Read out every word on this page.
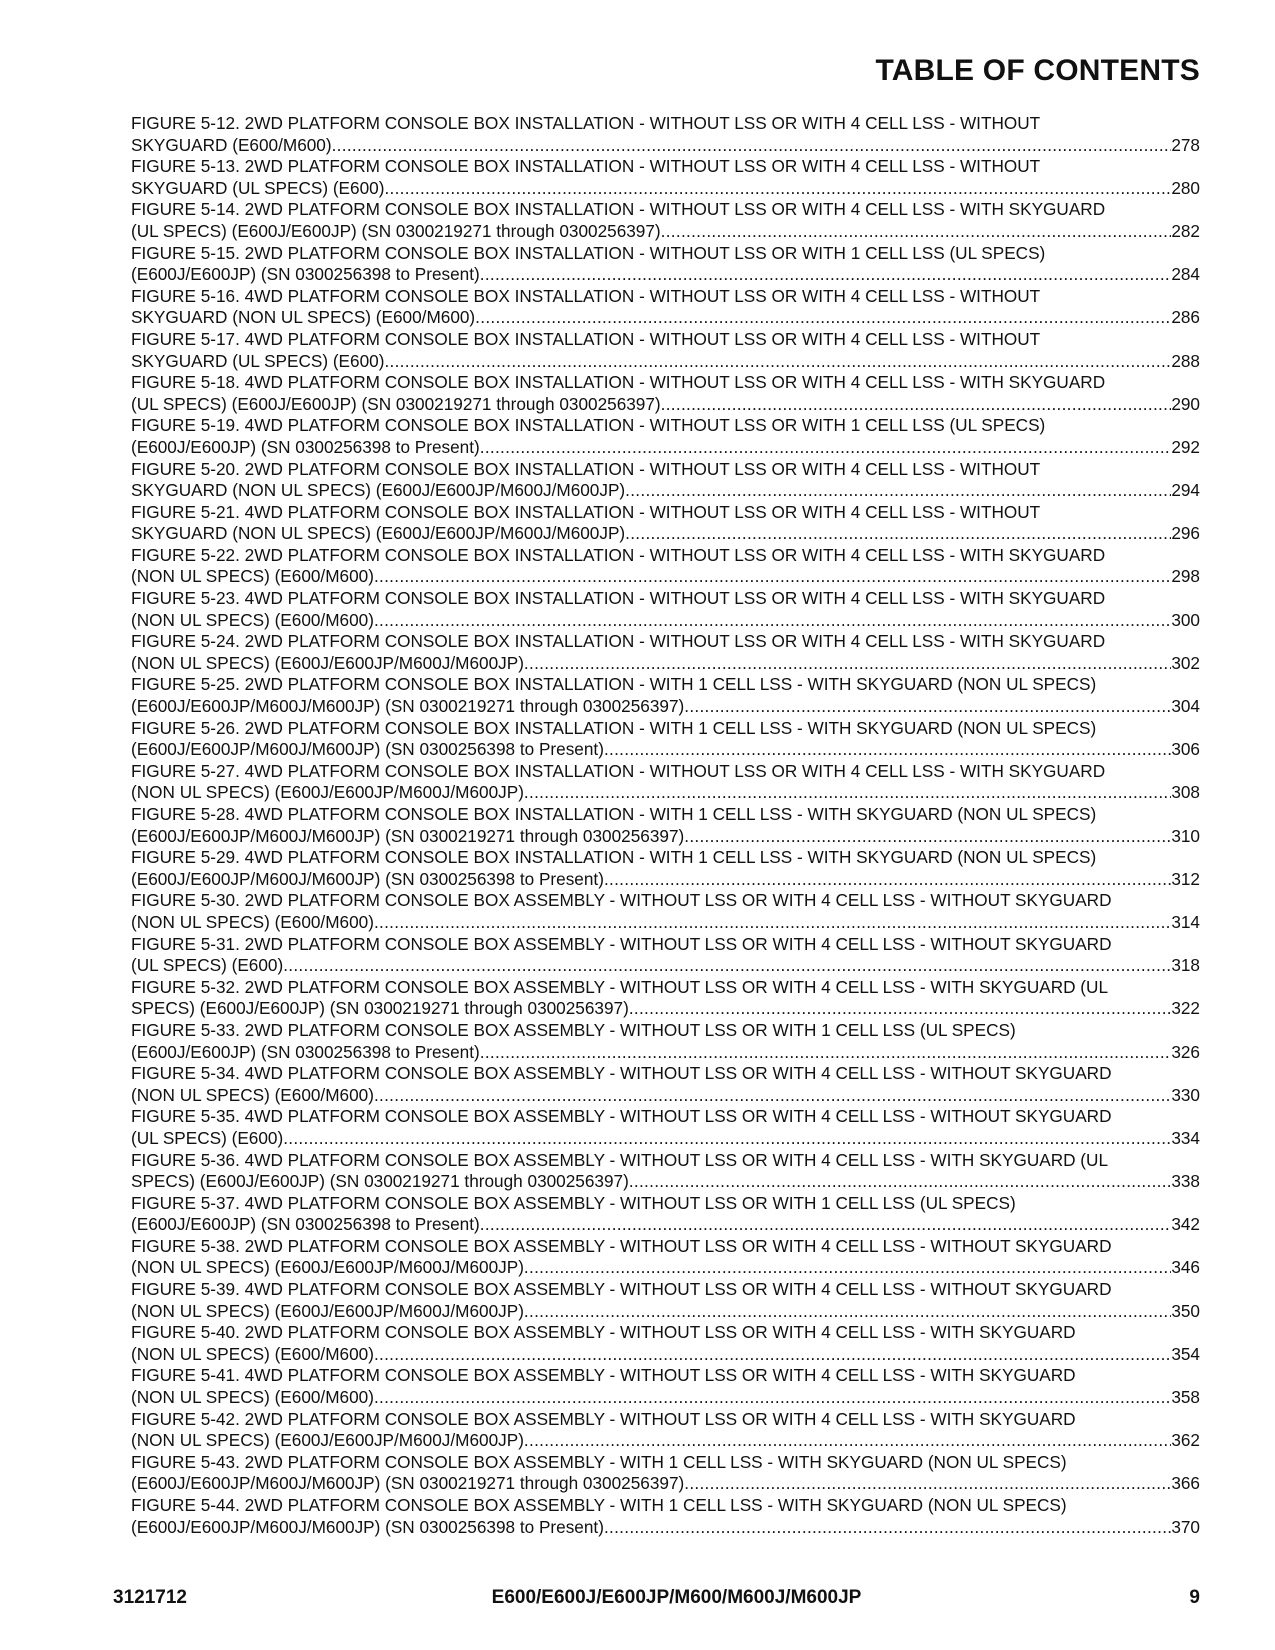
TABLE OF CONTENTS
FIGURE 5-12. 2WD PLATFORM CONSOLE BOX INSTALLATION - WITHOUT LSS OR WITH 4 CELL LSS - WITHOUT
SKYGUARD (E600/M600) .....	278
FIGURE 5-13. 2WD PLATFORM CONSOLE BOX INSTALLATION - WITHOUT LSS OR WITH 4 CELL LSS - WITHOUT
SKYGUARD (UL SPECS) (E600) .....	280
FIGURE 5-14. 2WD PLATFORM CONSOLE BOX INSTALLATION - WITHOUT LSS OR WITH 4 CELL LSS - WITH SKYGUARD
(UL SPECS) (E600J/E600JP) (SN 0300219271 through 0300256397) .....	282
FIGURE 5-15. 2WD PLATFORM CONSOLE BOX INSTALLATION - WITHOUT LSS OR WITH 1 CELL LSS (UL SPECS)
(E600J/E600JP) (SN 0300256398 to Present) .....	284
FIGURE 5-16. 4WD PLATFORM CONSOLE BOX INSTALLATION - WITHOUT LSS OR WITH 4 CELL LSS - WITHOUT
SKYGUARD (NON UL SPECS) (E600/M600) .....	286
FIGURE 5-17. 4WD PLATFORM CONSOLE BOX INSTALLATION - WITHOUT LSS OR WITH 4 CELL LSS - WITHOUT
SKYGUARD (UL SPECS) (E600) .....	288
FIGURE 5-18. 4WD PLATFORM CONSOLE BOX INSTALLATION - WITHOUT LSS OR WITH 4 CELL LSS - WITH SKYGUARD
(UL SPECS) (E600J/E600JP) (SN 0300219271 through 0300256397) .....	290
FIGURE 5-19. 4WD PLATFORM CONSOLE BOX INSTALLATION - WITHOUT LSS OR WITH 1 CELL LSS (UL SPECS)
(E600J/E600JP) (SN 0300256398 to Present) .....	292
FIGURE 5-20. 2WD PLATFORM CONSOLE BOX INSTALLATION - WITHOUT LSS OR WITH 4 CELL LSS - WITHOUT
SKYGUARD (NON UL SPECS) (E600J/E600JP/M600J/M600JP) .....	294
FIGURE 5-21. 4WD PLATFORM CONSOLE BOX INSTALLATION - WITHOUT LSS OR WITH 4 CELL LSS - WITHOUT
SKYGUARD (NON UL SPECS) (E600J/E600JP/M600J/M600JP) .....	296
FIGURE 5-22. 2WD PLATFORM CONSOLE BOX INSTALLATION - WITHOUT LSS OR WITH 4 CELL LSS - WITH SKYGUARD
(NON UL SPECS) (E600/M600) .....	298
FIGURE 5-23. 4WD PLATFORM CONSOLE BOX INSTALLATION - WITHOUT LSS OR WITH 4 CELL LSS - WITH SKYGUARD
(NON UL SPECS) (E600/M600) .....	300
FIGURE 5-24. 2WD PLATFORM CONSOLE BOX INSTALLATION - WITHOUT LSS OR WITH 4 CELL LSS - WITH SKYGUARD
(NON UL SPECS) (E600J/E600JP/M600J/M600JP) .....	302
FIGURE 5-25. 2WD PLATFORM CONSOLE BOX INSTALLATION - WITH 1 CELL LSS - WITH SKYGUARD (NON UL SPECS)
(E600J/E600JP/M600J/M600JP) (SN 0300219271 through 0300256397) .....	304
FIGURE 5-26. 2WD PLATFORM CONSOLE BOX INSTALLATION - WITH 1 CELL LSS - WITH SKYGUARD (NON UL SPECS)
(E600J/E600JP/M600J/M600JP) (SN 0300256398 to Present) .....	306
FIGURE 5-27. 4WD PLATFORM CONSOLE BOX INSTALLATION - WITHOUT LSS OR WITH 4 CELL LSS - WITH SKYGUARD
(NON UL SPECS) (E600J/E600JP/M600J/M600JP) .....	308
FIGURE 5-28. 4WD PLATFORM CONSOLE BOX INSTALLATION - WITH 1 CELL LSS - WITH SKYGUARD (NON UL SPECS)
(E600J/E600JP/M600J/M600JP) (SN 0300219271 through 0300256397) .....	310
FIGURE 5-29. 4WD PLATFORM CONSOLE BOX INSTALLATION - WITH 1 CELL LSS - WITH SKYGUARD (NON UL SPECS)
(E600J/E600JP/M600J/M600JP) (SN 0300256398 to Present) .....	312
FIGURE 5-30. 2WD PLATFORM CONSOLE BOX ASSEMBLY - WITHOUT LSS OR WITH 4 CELL LSS - WITHOUT SKYGUARD
(NON UL SPECS) (E600/M600) .....	314
FIGURE 5-31. 2WD PLATFORM CONSOLE BOX ASSEMBLY - WITHOUT LSS OR WITH 4 CELL LSS - WITHOUT SKYGUARD
(UL SPECS) (E600) .....	318
FIGURE 5-32. 2WD PLATFORM CONSOLE BOX ASSEMBLY - WITHOUT LSS OR WITH 4 CELL LSS - WITH SKYGUARD (UL
SPECS) (E600J/E600JP) (SN 0300219271 through 0300256397) .....	322
FIGURE 5-33. 2WD PLATFORM CONSOLE BOX ASSEMBLY - WITHOUT LSS OR WITH 1 CELL LSS (UL SPECS)
(E600J/E600JP) (SN 0300256398 to Present) .....	326
FIGURE 5-34. 4WD PLATFORM CONSOLE BOX ASSEMBLY - WITHOUT LSS OR WITH 4 CELL LSS - WITHOUT SKYGUARD
(NON UL SPECS) (E600/M600) .....	330
FIGURE 5-35. 4WD PLATFORM CONSOLE BOX ASSEMBLY - WITHOUT LSS OR WITH 4 CELL LSS - WITHOUT SKYGUARD
(UL SPECS) (E600) .....	334
FIGURE 5-36. 4WD PLATFORM CONSOLE BOX ASSEMBLY - WITHOUT LSS OR WITH 4 CELL LSS - WITH SKYGUARD (UL
SPECS) (E600J/E600JP) (SN 0300219271 through 0300256397) .....	338
FIGURE 5-37. 4WD PLATFORM CONSOLE BOX ASSEMBLY - WITHOUT LSS OR WITH 1 CELL LSS (UL SPECS)
(E600J/E600JP) (SN 0300256398 to Present) .....	342
FIGURE 5-38. 2WD PLATFORM CONSOLE BOX ASSEMBLY - WITHOUT LSS OR WITH 4 CELL LSS - WITHOUT SKYGUARD
(NON UL SPECS) (E600J/E600JP/M600J/M600JP) .....	346
FIGURE 5-39. 4WD PLATFORM CONSOLE BOX ASSEMBLY - WITHOUT LSS OR WITH 4 CELL LSS - WITHOUT SKYGUARD
(NON UL SPECS) (E600J/E600JP/M600J/M600JP) .....	350
FIGURE 5-40. 2WD PLATFORM CONSOLE BOX ASSEMBLY - WITHOUT LSS OR WITH 4 CELL LSS - WITH SKYGUARD
(NON UL SPECS) (E600/M600) .....	354
FIGURE 5-41. 4WD PLATFORM CONSOLE BOX ASSEMBLY - WITHOUT LSS OR WITH 4 CELL LSS - WITH SKYGUARD
(NON UL SPECS) (E600/M600) .....	358
FIGURE 5-42. 2WD PLATFORM CONSOLE BOX ASSEMBLY - WITHOUT LSS OR WITH 4 CELL LSS - WITH SKYGUARD
(NON UL SPECS) (E600J/E600JP/M600J/M600JP) .....	362
FIGURE 5-43. 2WD PLATFORM CONSOLE BOX ASSEMBLY - WITH 1 CELL LSS - WITH SKYGUARD (NON UL SPECS)
(E600J/E600JP/M600J/M600JP) (SN 0300219271 through 0300256397) .....	366
FIGURE 5-44. 2WD PLATFORM CONSOLE BOX ASSEMBLY - WITH 1 CELL LSS - WITH SKYGUARD (NON UL SPECS)
(E600J/E600JP/M600J/M600JP) (SN 0300256398 to Present) .....	370
3121712	E600/E600J/E600JP/M600/M600J/M600JP	9
